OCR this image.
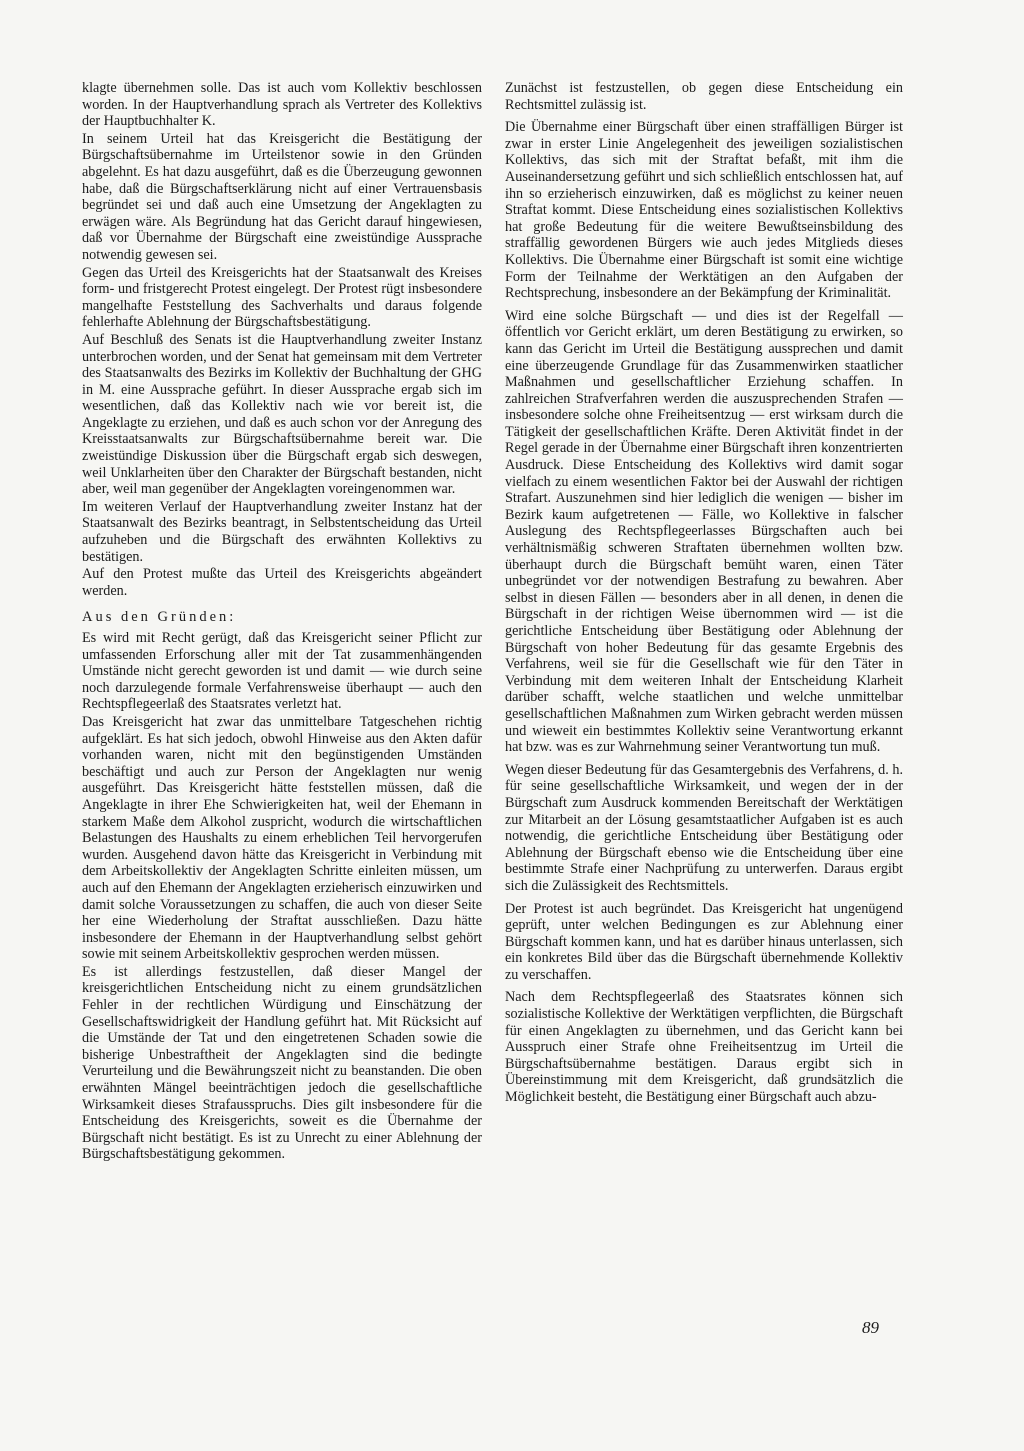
klagte übernehmen solle. Das ist auch vom Kollektiv beschlossen worden. In der Hauptverhandlung sprach als Vertreter des Kollektivs der Hauptbuchhalter K.

In seinem Urteil hat das Kreisgericht die Bestätigung der Bürgschaftsübernahme im Urteilstenor sowie in den Gründen abgelehnt. Es hat dazu ausgeführt, daß es die Überzeugung gewonnen habe, daß die Bürgschaftserklärung nicht auf einer Vertrauensbasis begründet sei und daß auch eine Umsetzung der Angeklagten zu erwägen wäre. Als Begründung hat das Gericht darauf hingewiesen, daß vor Übernahme der Bürgschaft eine zweistündige Aussprache notwendig gewesen sei.

Gegen das Urteil des Kreisgerichts hat der Staatsanwalt des Kreises form- und fristgerecht Protest eingelegt. Der Protest rügt insbesondere mangelhafte Feststellung des Sachverhalts und daraus folgende fehlerhafte Ablehnung der Bürgschaftsbestätigung.

Auf Beschluß des Senats ist die Hauptverhandlung zweiter Instanz unterbrochen worden, und der Senat hat gemeinsam mit dem Vertreter des Staatsanwalts des Bezirks im Kollektiv der Buchhaltung der GHG in M. eine Aussprache geführt. In dieser Aussprache ergab sich im wesentlichen, daß das Kollektiv nach wie vor bereit ist, die Angeklagte zu erziehen, und daß es auch schon vor der Anregung des Kreisstaatsanwalts zur Bürgschaftsübernahme bereit war. Die zweistündige Diskussion über die Bürgschaft ergab sich deswegen, weil Unklarheiten über den Charakter der Bürgschaft bestanden, nicht aber, weil man gegenüber der Angeklagten voreingenommen war.

Im weiteren Verlauf der Hauptverhandlung zweiter Instanz hat der Staatsanwalt des Bezirks beantragt, in Selbstentscheidung das Urteil aufzuheben und die Bürgschaft des erwähnten Kollektivs zu bestätigen.

Auf den Protest mußte das Urteil des Kreisgerichts abgeändert werden.

Aus den Gründen:

Es wird mit Recht gerügt, daß das Kreisgericht seiner Pflicht zur umfassenden Erforschung aller mit der Tat zusammenhängenden Umstände nicht gerecht geworden ist und damit — wie durch seine noch darzulegende formale Verfahrensweise überhaupt — auch den Rechtspflegeerlaß des Staatsrates verletzt hat.

Das Kreisgericht hat zwar das unmittelbare Tatgeschehen richtig aufgeklärt. Es hat sich jedoch, obwohl Hinweise aus den Akten dafür vorhanden waren, nicht mit den begünstigenden Umständen beschäftigt und auch zur Person der Angeklagten nur wenig ausgeführt. Das Kreisgericht hätte feststellen müssen, daß die Angeklagte in ihrer Ehe Schwierigkeiten hat, weil der Ehemann in starkem Maße dem Alkohol zuspricht, wodurch die wirtschaftlichen Belastungen des Haushalts zu einem erheblichen Teil hervorgerufen wurden. Ausgehend davon hätte das Kreisgericht in Verbindung mit dem Arbeitskollektiv der Angeklagten Schritte einleiten müssen, um auch auf den Ehemann der Angeklagten erzieherisch einzuwirken und damit solche Voraussetzungen zu schaffen, die auch von dieser Seite her eine Wiederholung der Straftat ausschließen. Dazu hätte insbesondere der Ehemann in der Hauptverhandlung selbst gehört sowie mit seinem Arbeitskollektiv gesprochen werden müssen.

Es ist allerdings festzustellen, daß dieser Mangel der kreisgerichtlichen Entscheidung nicht zu einem grundsätzlichen Fehler in der rechtlichen Würdigung und Einschätzung der Gesellschaftswidrigkeit der Handlung geführt hat. Mit Rücksicht auf die Umstände der Tat und den eingetretenen Schaden sowie die bisherige Unbestraftheit der Angeklagten sind die bedingte Verurteilung und die Bewährungszeit nicht zu beanstanden. Die oben erwähnten Mängel beeinträchtigen jedoch die gesellschaftliche Wirksamkeit dieses Strafausspruchs. Dies gilt insbesondere für die Entscheidung des Kreisgerichts, soweit es die Übernahme der Bürgschaft nicht bestätigt. Es ist zu Unrecht zu einer Ablehnung der Bürgschaftsbestätigung gekommen.

Zunächst ist festzustellen, ob gegen diese Entscheidung ein Rechtsmittel zulässig ist.

Die Übernahme einer Bürgschaft über einen straffälligen Bürger ist zwar in erster Linie Angelegenheit des jeweiligen sozialistischen Kollektivs, das sich mit der Straftat befaßt, mit ihm die Auseinandersetzung geführt und sich schließlich entschlossen hat, auf ihn so erzieherisch einzuwirken, daß es möglichst zu keiner neuen Straftat kommt. Diese Entscheidung eines sozialistischen Kollektivs hat große Bedeutung für die weitere Bewußtseinsbildung des straffällig gewordenen Bürgers wie auch jedes Mitglieds dieses Kollektivs. Die Übernahme einer Bürgschaft ist somit eine wichtige Form der Teilnahme der Werktätigen an den Aufgaben der Rechtsprechung, insbesondere an der Bekämpfung der Kriminalität.

Wird eine solche Bürgschaft — und dies ist der Regelfall — öffentlich vor Gericht erklärt, um deren Bestätigung zu erwirken, so kann das Gericht im Urteil die Bestätigung aussprechen und damit eine überzeugende Grundlage für das Zusammenwirken staatlicher Maßnahmen und gesellschaftlicher Erziehung schaffen. In zahlreichen Strafverfahren werden die auszusprechenden Strafen — insbesondere solche ohne Freiheitsentzug — erst wirksam durch die Tätigkeit der gesellschaftlichen Kräfte. Deren Aktivität findet in der Regel gerade in der Übernahme einer Bürgschaft ihren konzentrierten Ausdruck. Diese Entscheidung des Kollektivs wird damit sogar vielfach zu einem wesentlichen Faktor bei der Auswahl der richtigen Strafart. Auszunehmen sind hier lediglich die wenigen — bisher im Bezirk kaum aufgetretenen — Fälle, wo Kollektive in falscher Auslegung des Rechtspflegeerlasses Bürgschaften auch bei verhältnismäßig schweren Straftaten übernehmen wollten bzw. überhaupt durch die Bürgschaft bemüht waren, einen Täter unbegründet vor der notwendigen Bestrafung zu bewahren. Aber selbst in diesen Fällen — besonders aber in all denen, in denen die Bürgschaft in der richtigen Weise übernommen wird — ist die gerichtliche Entscheidung über Bestätigung oder Ablehnung der Bürgschaft von hoher Bedeutung für das gesamte Ergebnis des Verfahrens, weil sie für die Gesellschaft wie für den Täter in Verbindung mit dem weiteren Inhalt der Entscheidung Klarheit darüber schafft, welche staatlichen und welche unmittelbar gesellschaftlichen Maßnahmen zum Wirken gebracht werden müssen und wieweit ein bestimmtes Kollektiv seine Verantwortung erkannt hat bzw. was es zur Wahrnehmung seiner Verantwortung tun muß.

Wegen dieser Bedeutung für das Gesamtergebnis des Verfahrens, d. h. für seine gesellschaftliche Wirksamkeit, und wegen der in der Bürgschaft zum Ausdruck kommenden Bereitschaft der Werktätigen zur Mitarbeit an der Lösung gesamtstaatlicher Aufgaben ist es auch notwendig, die gerichtliche Entscheidung über Bestätigung oder Ablehnung der Bürgschaft ebenso wie die Entscheidung über eine bestimmte Strafe einer Nachprüfung zu unterwerfen. Daraus ergibt sich die Zulässigkeit des Rechtsmittels.

Der Protest ist auch begründet. Das Kreisgericht hat ungenügend geprüft, unter welchen Bedingungen es zur Ablehnung einer Bürgschaft kommen kann, und hat es darüber hinaus unterlassen, sich ein konkretes Bild über das die Bürgschaft übernehmende Kollektiv zu verschaffen.

Nach dem Rechtspflegeerlaß des Staatsrates können sich sozialistische Kollektive der Werktätigen verpflichten, die Bürgschaft für einen Angeklagten zu übernehmen, und das Gericht kann bei Ausspruch einer Strafe ohne Freiheitsentzug im Urteil die Bürgschaftsübernahme bestätigen. Daraus ergibt sich in Übereinstimmung mit dem Kreisgericht, daß grundsätzlich die Möglichkeit besteht, die Bestätigung einer Bürgschaft auch abzu-

89
